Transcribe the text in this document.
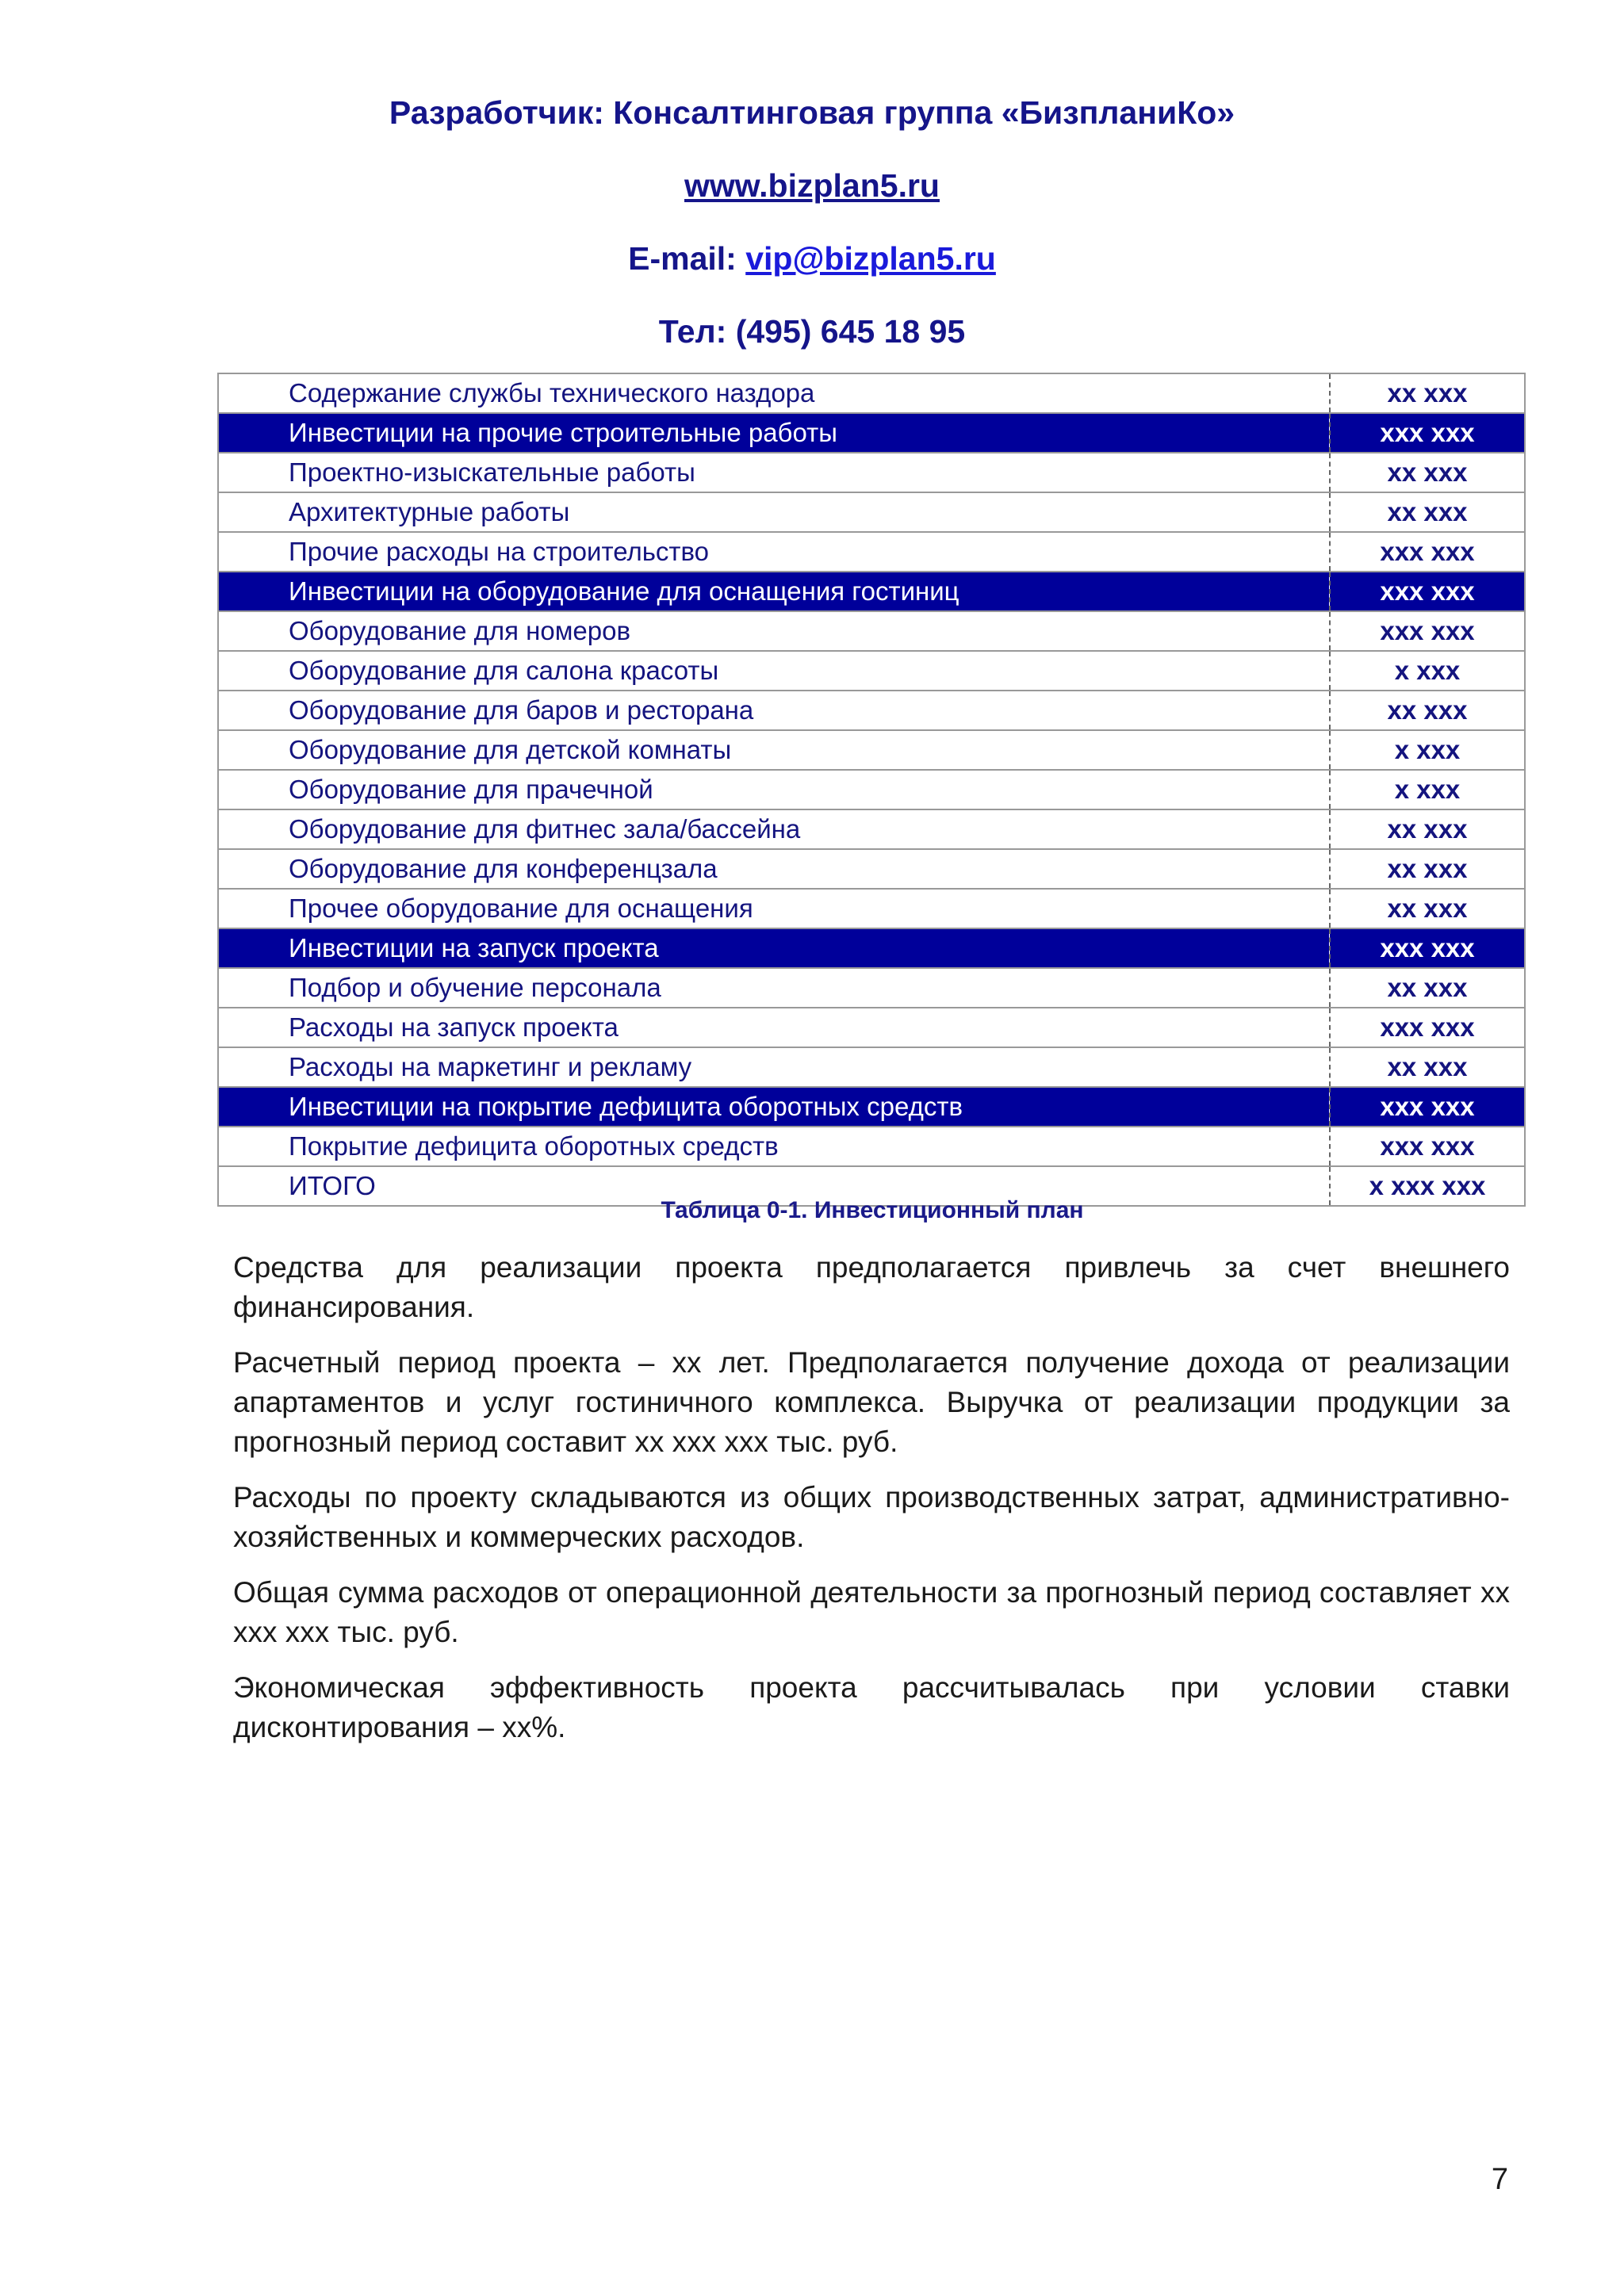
Разработчик: Консалтинговая группа «БизпланиКо»
www.bizplan5.ru
E-mail: vip@bizplan5.ru
Тел: (495) 645 18 95
Содержание службы технического наздора	xx xxx
Инвестиции на прочие строительные работы	xxx xxx
Проектно-изыскательные работы	xx xxx
Архитектурные работы	xx xxx
Прочие расходы на строительство	xxx xxx
Инвестиции на оборудование для оснащения гостиниц	xxx xxx
Оборудование для номеров	xxx xxx
Оборудование для салона красоты	x xxx
Оборудование для баров и ресторана	xx xxx
Оборудование для детской комнаты	x xxx
Оборудование для прачечной	x xxx
Оборудование для фитнес зала/бассейна	xx xxx
Оборудование для конференцзала	xx xxx
Прочее оборудование для оснащения	xx xxx
Инвестиции на запуск проекта	xxx xxx
Подбор и обучение персонала	xx xxx
Расходы на запуск проекта	xxx xxx
Расходы на маркетинг и рекламу	xx xxx
Инвестиции на покрытие дефицита оборотных средств	xxx xxx
Покрытие дефицита оборотных средств	xxx xxx
ИТОГО	x xxx xxx
Таблица 0-1. Инвестиционный план

Средства для реализации проекта предполагается привлечь за счет внешнего финансирования.

Расчетный период проекта – xx лет. Предполагается получение дохода от реализации апартаментов и услуг гостиничного комплекса. Выручка от реализации продукции за прогнозный период составит xx xxx xxx тыс. руб.

Расходы по проекту складываются из общих производственных затрат, административно-хозяйственных и коммерческих расходов.

Общая сумма расходов от операционной деятельности за прогнозный период составляет xx xxx xxx тыс. руб.

Экономическая эффективность проекта рассчитывалась при условии ставки дисконтирования – xx%.

7
